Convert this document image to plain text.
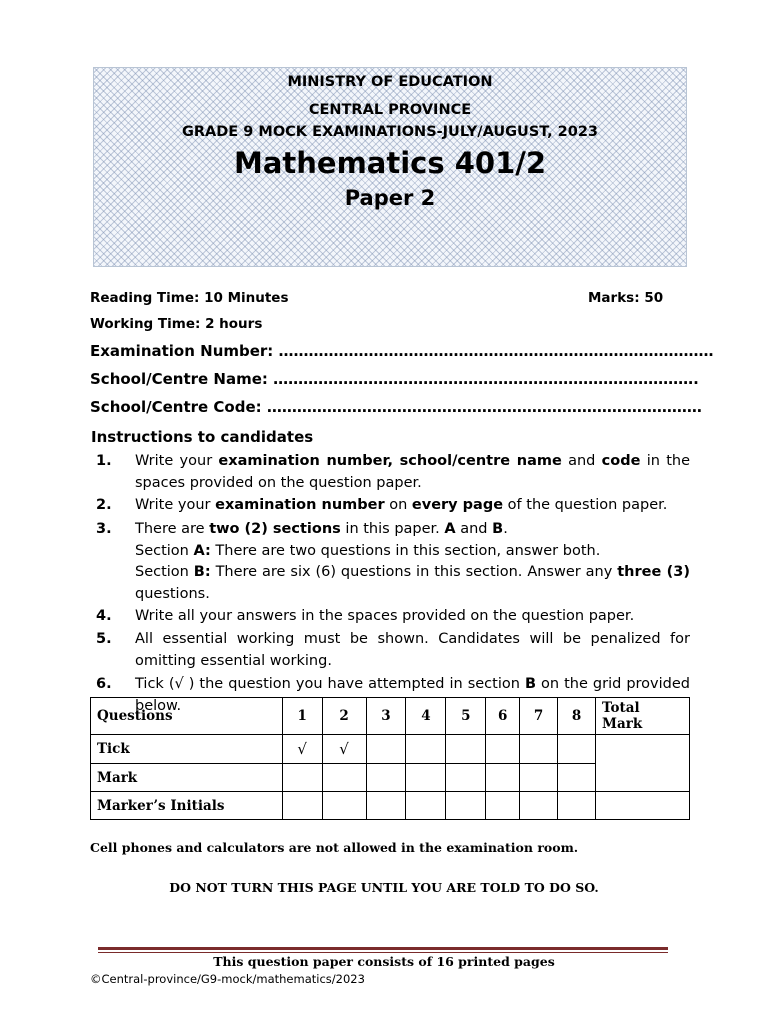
MINISTRY OF EDUCATION
CENTRAL PROVINCE
GRADE 9 MOCK EXAMINATIONS-JULY/AUGUST, 2023
Mathematics 401/2
Paper 2
Reading Time: 10 Minutes	Marks: 50
Working Time: 2 hours
Examination Number: ……………………………………………………………………………
School/Centre Name: ………………………………………………………………………….
School/Centre Code: ……………………………………………………………………………
Instructions to candidates
1. Write your examination number, school/centre name and code in the spaces provided on the question paper.
2. Write your examination number on every page of the question paper.
3. There are two (2) sections in this paper. A and B.
Section A: There are two questions in this section, answer both.
Section B: There are six (6) questions in this section. Answer any three (3) questions.
4. Write all your answers in the spaces provided on the question paper.
5. All essential working must be shown. Candidates will be penalized for omitting essential working.
6. Tick (√ ) the question you have attempted in section B on the grid provided below.
Questions	1	2	3	4	5	6	7	8	Total Mark
Tick	√	√							
Mark									
Marker’s Initials									
Cell phones and calculators are not allowed in the examination room.
DO NOT TURN THIS PAGE UNTIL YOU ARE TOLD TO DO SO.
This question paper consists of 16 printed pages
©Central-province/G9-mock/mathematics/2023
